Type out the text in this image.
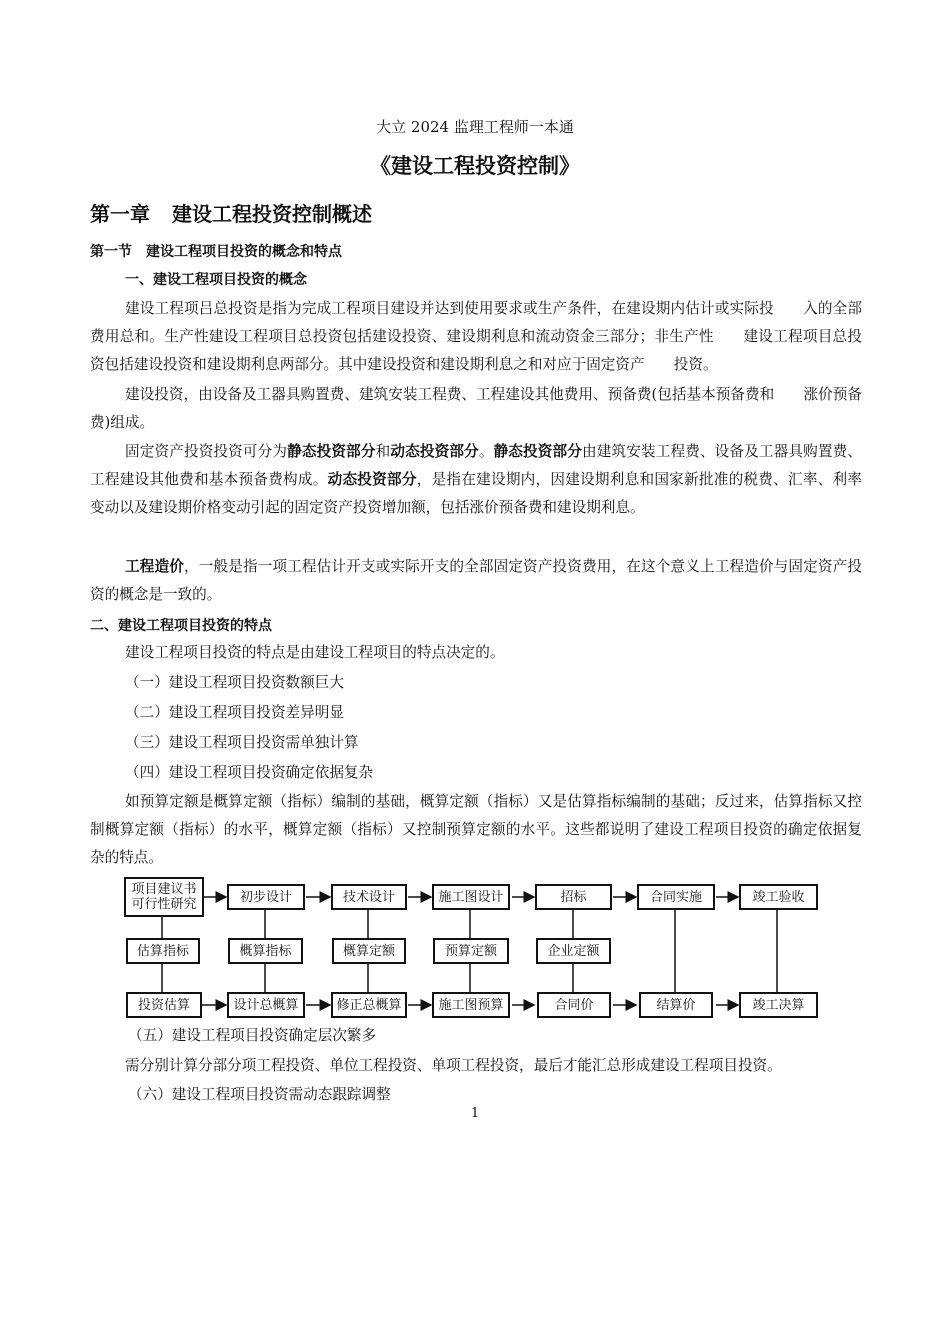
大立 2024 监理工程师一本通
《建设工程投资控制》
第一章 建设工程投资控制概述
第一节　建设工程项目投资的概念和特点
一、建设工程项目投资的概念
建设工程项吕总投资是指为完成工程项目建设并达到使用要求或生产条件，在建设期内估计或实际投　　入的全部费用总和。生产性建设工程项目总投资包括建设投资、建设期利息和流动资金三部分；非生产性　　建设工程项目总投资包括建设投资和建设期利息两部分。其中建设投资和建设期利息之和对应于固定资产　　投资。
建设投资，由设备及工器具购置费、建筑安装工程费、工程建设其他费用、预备费(包括基本预备费和　　涨价预备费)组成。
固定资产投资投资可分为静态投资部分和动态投资部分。静态投资部分由建筑安装工程费、设备及工器具购置费、工程建设其他费和基本预备费构成。动态投资部分，是指在建设期内，因建设期利息和国家新批准的税费、汇率、利率变动以及建设期价格变动引起的固定资产投资增加额，包括涨价预备费和建设期利息。
工程造价，一般是指一项工程估计开支或实际开支的全部固定资产投资费用，在这个意义上工程造价与固定资产投资的概念是一致的。
二、建设工程项目投资的特点
建设工程项目投资的特点是由建设工程项目的特点决定的。
（一）建设工程项目投资数额巨大
（二）建设工程项目投资差异明显
（三）建设工程项目投资需单独计算
（四）建设工程项目投资确定依据复杂
如预算定额是概算定额（指标）编制的基础，概算定额（指标）又是估算指标编制的基础；反过来，估算指标又控制概算定额（指标）的水平，概算定额（指标）又控制预算定额的水平。这些都说明了建设工程项目投资的确定依据复杂的特点。
项目建议书
可行性研究	初步设计	技术设计	施工图设计	招标	合同实施	竣工验收
估算指标	概算指标	概算定额	预算定额	企业定额
投资估算	设计总概算	修正总概算	施工图预算	合同价	结算价	竣工决算
（五）建设工程项目投资确定层次繁多
需分别计算分部分项工程投资、单位工程投资、单项工程投资，最后才能汇总形成建设工程项目投资。
（六）建设工程项目投资需动态跟踪调整
1
